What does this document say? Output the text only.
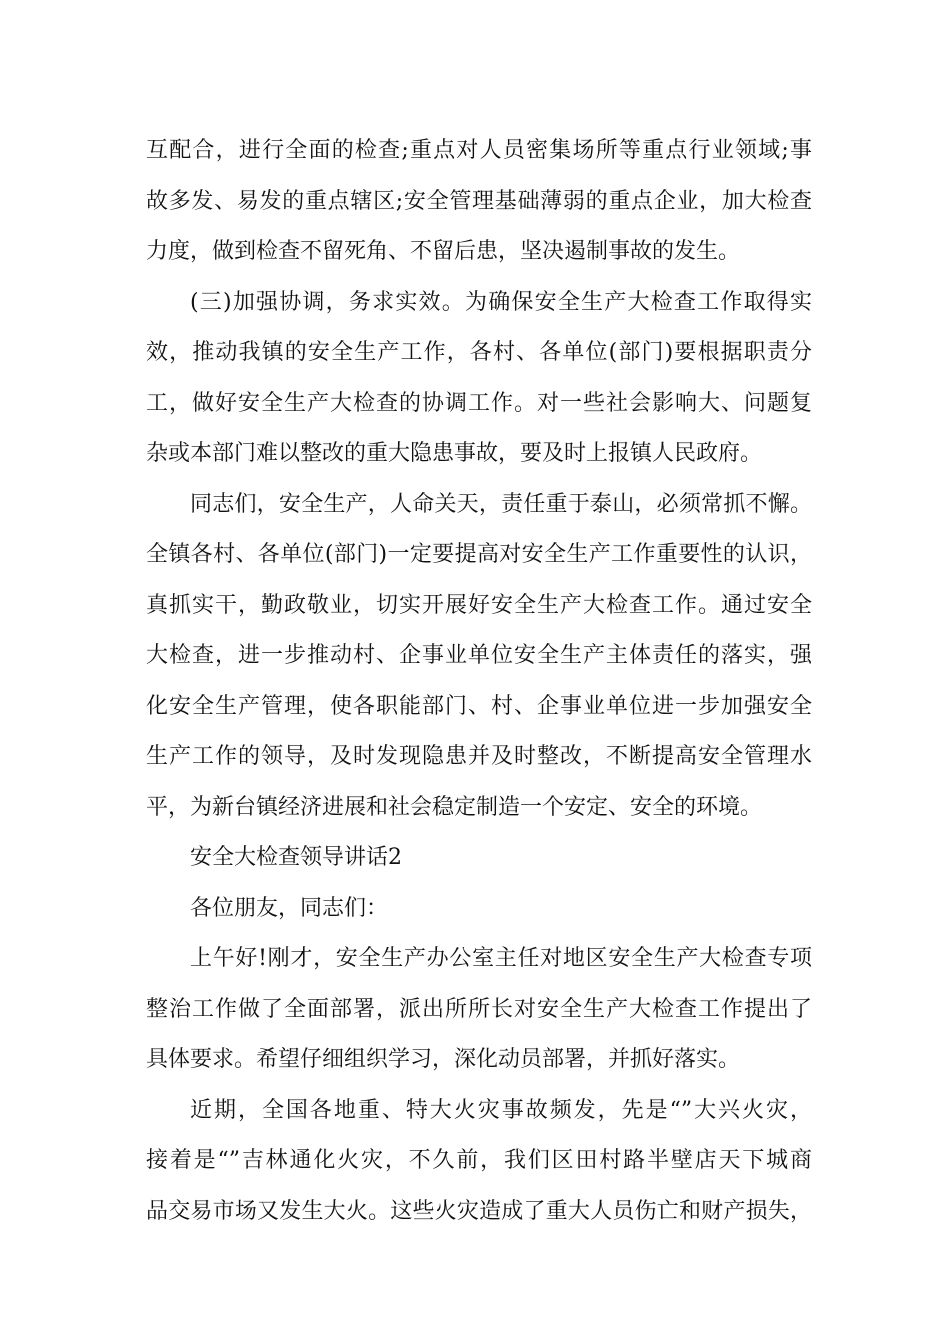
互配合，进行全面的检查;重点对人员密集场所等重点行业领域;事
故多发、易发的重点辖区;安全管理基础薄弱的重点企业，加大检查
力度，做到检查不留死角、不留后患，坚决遏制事故的发生。
(三)加强协调，务求实效。为确保安全生产大检查工作取得实
效，推动我镇的安全生产工作，各村、各单位(部门)要根据职责分
工，做好安全生产大检查的协调工作。对一些社会影响大、问题复
杂或本部门难以整改的重大隐患事故，要及时上报镇人民政府。
同志们，安全生产，人命关天，责任重于泰山，必须常抓不懈。
全镇各村、各单位(部门)一定要提高对安全生产工作重要性的认识，
真抓实干，勤政敬业，切实开展好安全生产大检查工作。通过安全
大检查，进一步推动村、企事业单位安全生产主体责任的落实，强
化安全生产管理，使各职能部门、村、企事业单位进一步加强安全
生产工作的领导，及时发现隐患并及时整改，不断提高安全管理水
平，为新台镇经济进展和社会稳定制造一个安定、安全的环境。
安全大检查领导讲话2
各位朋友，同志们：
上午好!刚才，安全生产办公室主任对地区安全生产大检查专项
整治工作做了全面部署，派出所所长对安全生产大检查工作提出了
具体要求。希望仔细组织学习，深化动员部署，并抓好落实。
近期，全国各地重、特大火灾事故频发，先是“”大兴火灾，
接着是“”吉林通化火灾，不久前，我们区田村路半壁店天下城商
品交易市场又发生大火。这些火灾造成了重大人员伤亡和财产损失，
